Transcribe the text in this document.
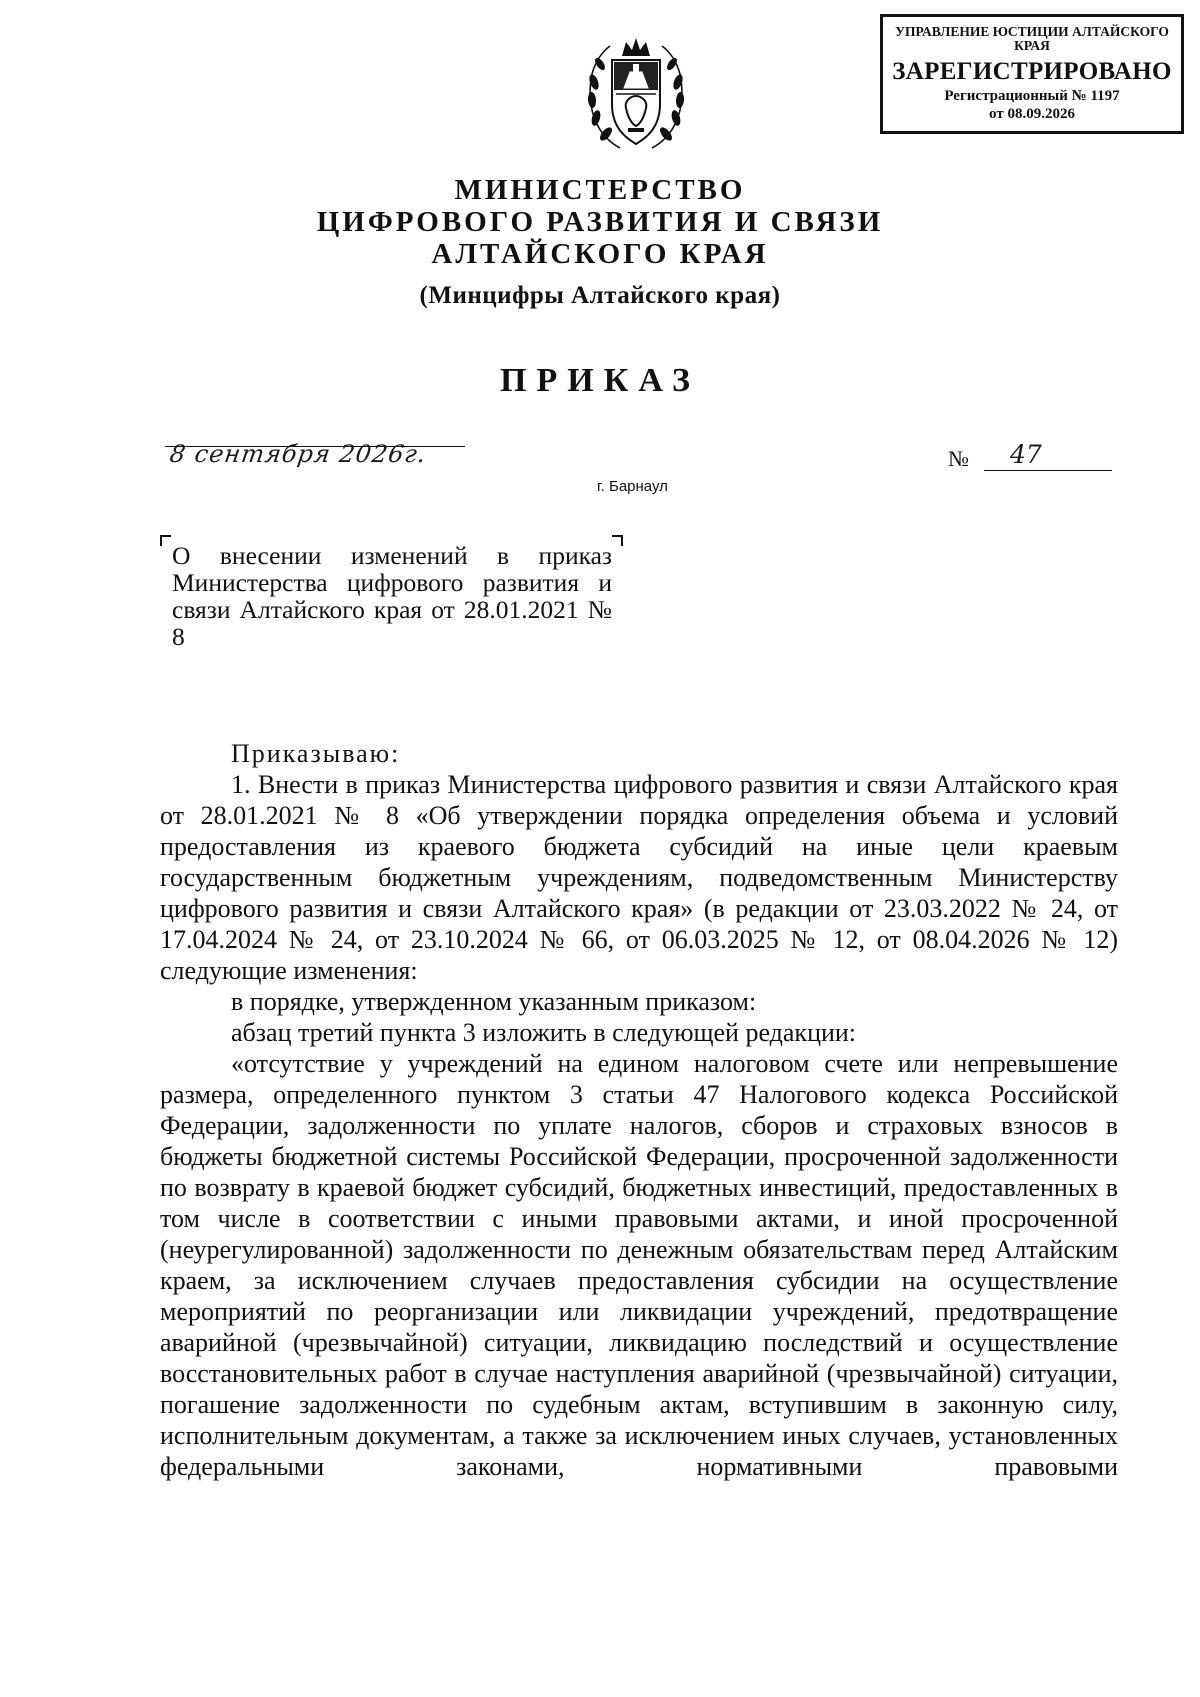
УПРАВЛЕНИЕ ЮСТИЦИИ АЛТАЙСКОГО КРАЯ
ЗАРЕГИСТРИРОВАНО
Регистрационный № 1197
от 08.09.2026
МИНИСТЕРСТВО
ЦИФРОВОГО РАЗВИТИЯ И СВЯЗИ
АЛТАЙСКОГО КРАЯ
(Минцифры Алтайского края)
ПРИКАЗ
8 сентября 2026г.	№ 47
г. Барнаул
О внесении изменений в приказ Министерства цифрового развития и связи Алтайского края от 28.01.2021 № 8

Приказываю:

1. Внести в приказ Министерства цифрового развития и связи Алтайского края от 28.01.2021 № 8 «Об утверждении порядка определения объема и условий предоставления из краевого бюджета субсидий на иные цели краевым государственным бюджетным учреждениям, подведомственным Министерству цифрового развития и связи Алтайского края» (в редакции от 23.03.2022 № 24, от 17.04.2024 № 24, от 23.10.2024 № 66, от 06.03.2025 № 12, от 08.04.2026 № 12) следующие изменения:

в порядке, утвержденном указанным приказом:

абзац третий пункта 3 изложить в следующей редакции:

«отсутствие у учреждений на едином налоговом счете или непревышение размера, определенного пунктом 3 статьи 47 Налогового кодекса Российской Федерации, задолженности по уплате налогов, сборов и страховых взносов в бюджеты бюджетной системы Российской Федерации, просроченной задолженности по возврату в краевой бюджет субсидий, бюджетных инвестиций, предоставленных в том числе в соответствии с иными правовыми актами, и иной просроченной (неурегулированной) задолженности по денежным обязательствам перед Алтайским краем, за исключением случаев предоставления субсидии на осуществление мероприятий по реорганизации или ликвидации учреждений, предотвращение аварийной (чрезвычайной) ситуации, ликвидацию последствий и осуществление восстановительных работ в случае наступления аварийной (чрезвычайной) ситуации, погашение задолженности по судебным актам, вступившим в законную силу, исполнительным документам, а также за исключением иных случаев, установленных федеральными законами, нормативными правовыми
